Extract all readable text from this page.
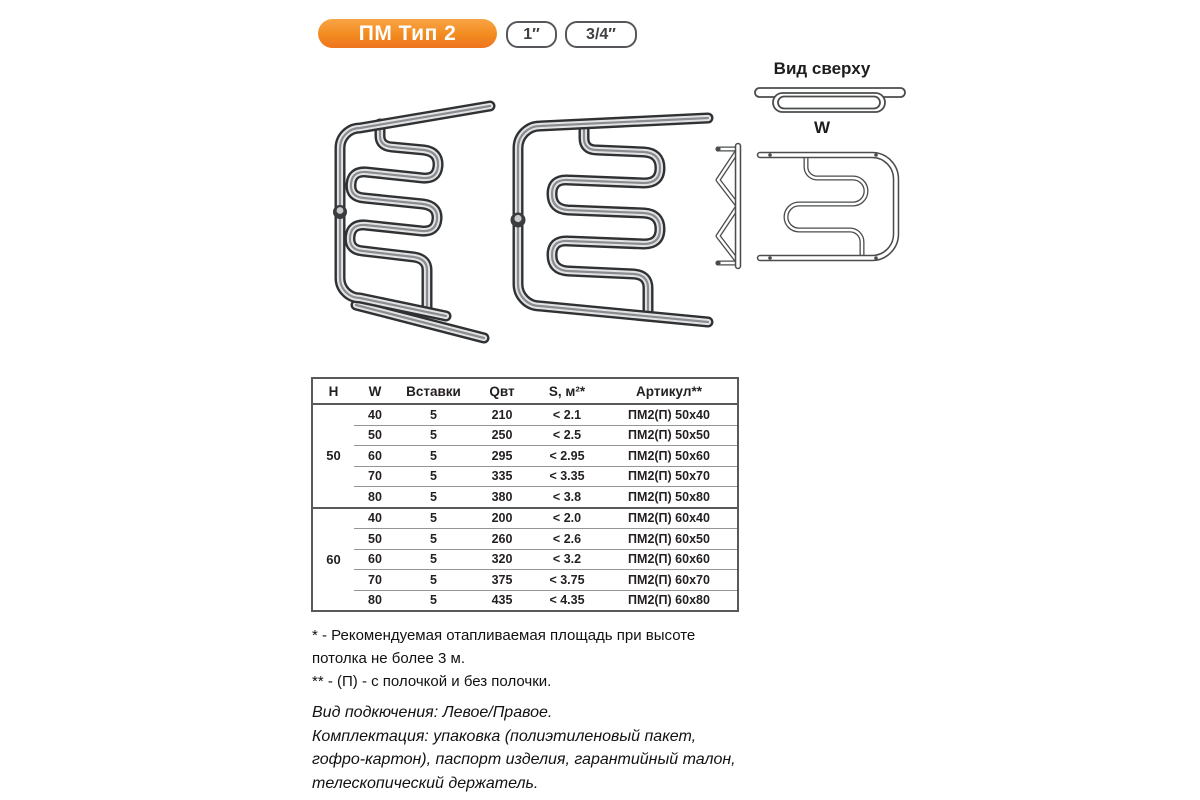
ПМ Тип 2	1″	3/4″
Вид сверху
W
H	W	Вставки	Qвт	S, м²*	Артикул**
50	40	5	210	< 2.1	ПМ2(П) 50x40
	50	5	250	< 2.5	ПМ2(П) 50x50
	60	5	295	< 2.95	ПМ2(П) 50x60
	70	5	335	< 3.35	ПМ2(П) 50x70
	80	5	380	< 3.8	ПМ2(П) 50x80
60	40	5	200	< 2.0	ПМ2(П) 60x40
	50	5	260	< 2.6	ПМ2(П) 60x50
	60	5	320	< 3.2	ПМ2(П) 60x60
	70	5	375	< 3.75	ПМ2(П) 60x70
	80	5	435	< 4.35	ПМ2(П) 60x80
* - Рекомендуемая отапливаемая площадь при высоте
потолка не более 3 м.
** - (П) - с полочкой и без полочки.
Вид подкючения: Левое/Правое.
Комплектация: упаковка (полиэтиленовый пакет,
гофро-картон), паспорт изделия, гарантийный талон,
телескопический держатель.
